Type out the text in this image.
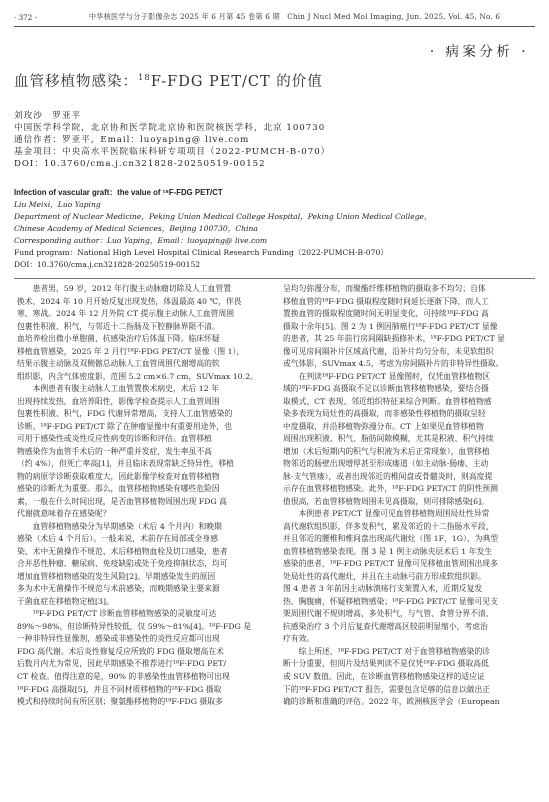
· 372 ·	中华核医学与分子影像杂志 2025 年 6 月第 45 卷第 6 期　Chin J Nucl Med Mol Imaging, Jun. 2025, Vol. 45, No. 6
· 病案分析 ·
血管移植物感染：$^{18}$F-FDG PET/CT 的价值
刘玫沙　罗亚平
中国医学科学院，北京协和医学院北京协和医院核医学科，北京 100730
通信作者：罗亚平，Email：luoyaping@ live.com
基金项目：中央高水平医院临床科研专项项目（2022-PUMCH-B-070）
DOI：10.3760/cma.j.cn321828-20250519-00152
Infection of vascular graft：the value of ¹⁸F-FDG PET/CT
Liu Meixi，Luo Yaping
Department of Nuclear Medicine，Peking Union Medical College Hospital，Peking Union Medical College，
Chinese Academy of Medical Sciences，Beijing 100730，China
Corresponding author：Luo Yaping，Email：luoyaping@ live.com
Fund program：National High Level Hospital Clinical Research Funding（2022-PUMCH-B-070）
DOI：10.3760/cma.j.cn321828-20250519-00152
　　患者男，59 岁，2012 年行腹主动脉瘤切除及人工血管置
换术，2024 年 10 月开始反复出现发热，体温最高 40 ℃，伴畏
寒、寒战。2024 年 12 月外院 CT 提示腹主动脉人工血管周围
包裹性积液、积气，与邻近十二指肠及下腔静脉界限不清。
血培养检出微小单胞菌，抗感染治疗后体温下降。临床怀疑
移植血管感染，2025 年 2 月行¹⁸F-FDG PET/CT 显像（图 1），
结果示腹主动脉及双侧髂总动脉人工血管周围代谢增高的软
组织影，内含气体密度影，范围 5.2 cm×6.7 cm，SUVmax 10.2。
　　本例患者有腹主动脉人工血管置换术病史，术后 12 年
出现持续发热，血培养阳性，影像学检查提示人工血管周围
包裹性积液、积气，FDG 代谢异常增高，支持人工血管感染的
诊断。¹⁸F-FDG PET/CT 除了在肿瘤显像中有重要用途外，也
可用于感染性或炎性反应性病变的诊断和评估。血管移植
物感染作为血管手术后的一种严重并发症，发生率虽不高
（约 4%），但死亡率高[1]，并且临床表现常缺乏特异性，移植
物的病原学诊断获取难度大，因此影像学检查对血管移植物
感染的诊断尤为重要。那么，血管移植物感染有哪些危险因
素，一般在什么时间出现，是否血管移植物周围出现 FDG 高
代谢就意味着存在感染呢？
　　血管移植物感染分为早期感染（术后 4 个月内）和晚期
感染（术后 4 个月后）。一般来说，术前存在局部或全身感
染、术中无菌操作不规范、术后移植物血栓及切口感染，患者
合并恶性肿瘤、糖尿病、免疫缺陷或处于免疫抑制状态，均可
增加血管移植物感染的发生风险[2]。早期感染发生的原因
多为术中无菌操作不规范与术前感染，而晚期感染主要来源
于菌血症在移植物定植[3]。
　　¹⁸F-FDG PET/CT 诊断血管移植物感染的灵敏度可达
89%～98%，但诊断特异性较低，仅 59%～81%[4]。¹⁸F-FDG 是
一种非特异性显像剂，感染或非感染性的炎性反应都可出现
FDG 高代谢。术后炎性修复反应所致的 FDG 摄取增高在术
后数月内尤为常见，因此早期感染不推荐进行¹⁸F-FDG PET/
CT 检查。值得注意的是，90% 的非感染性血管移植物可出现
¹⁸F-FDG 高摄取[5]，并且不同材质移植物的¹⁸F-FDG 摄取
模式和持续时间有所区别；聚氨酯移植物的¹⁸F-FDG 摄取多
呈均匀弥漫分布，而聚酯纤维移植物的摄取多不均匀；自体
移植血管的¹⁸F-FDG 摄取程度随时间延长逐渐下降，而人工
置换血管的摄取程度随时间无明显变化，可持续¹⁸F-FDG 高
摄取十余年[5]。图 2 为 1 例因肺癌行¹⁸F-FDG PET/CT 显像
的患者，其 25 年前行房间隔缺损修补术，¹⁸F-FDG PET/CT 显
像可见房间隔补片区域高代谢，沿补片均匀分布，未见软组织
或气体影，SUVmax 4.5，考虑为房间隔补片的非特异性摄取。
　　在判读¹⁸F-FDG PET/CT 显像图时，仅凭血管移植物区
域的¹⁸F-FDG 高摄取不足以诊断血管移植物感染，要结合摄
取模式、CT 表现、邻近组织特征来综合判断。血管移植物感
染多表现为局灶性的高摄取，而非感染性移植物的摄取呈轻
中度摄取，并沿移植物弥漫分布。CT 上如果见血管移植物
周围出现积液、积气、脂肪间隙模糊，尤其是积液、积气持续
增加（术后短期内的积气与积液为术后正常现象），血管移植
物邻近的肠壁出现增厚甚至形成瘘道（如主动脉-肠瘘、主动
脉-支气管瘘），或者出现邻近的椎间盘或骨髓炎时，则高度提
示存在血管移植物感染。此外，¹⁸F-FDG PET/CT 的阴性预测
值很高，若血管移植物周围未见高摄取，则可排除感染[6]。
　　本例患者 PET/CT 显像可见血管移植物周围局灶性异常
高代谢软组织影，伴多发积气，累及邻近的十二指肠水平段，
并且邻近的腰椎和椎间盘出现高代谢灶（图 1F，1G），为典型
血管移植物感染表现。图 3 是 1 例主动脉夹层术后 1 年发生
感染的患者，¹⁸F-FDG PET/CT 显像可见移植血管周围出现多
处局灶性的高代谢灶，并且在主动脉弓前方形成软组织影。
图 4 患者 3 年前因主动脉溃疡行支架置入术，近期反复发
热、胸腹痛，怀疑移植物感染；¹⁸F-FDG PET/CT 显像可见支
架周围代谢不规则增高，多处积气，与气管、食管分界不清，
抗感染治疗 3 个月后复查代谢增高区较前明显缩小，考虑治
疗有效。
　　综上所述，¹⁸F-FDG PET/CT 对于血管移植物感染的诊
断十分重要，但阅片及结果判读不是仅凭¹⁸F-FDG 摄取高低
或 SUV 数值。因此，在诊断血管移植物感染这样的适应证
下的¹⁸F-FDG PET/CT 报告，需要包含足够的信息以做出正
确的诊断和准确的评估。2022 年，欧洲核医学会（European
